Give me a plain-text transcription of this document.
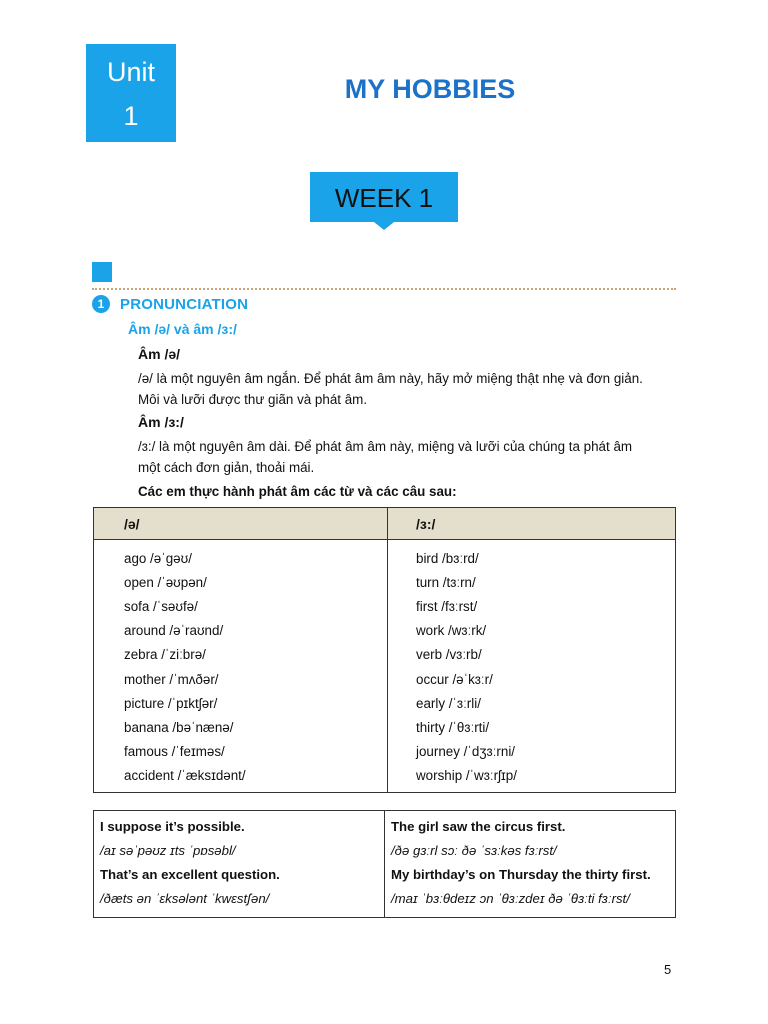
Unit
1
MY HOBBIES
WEEK 1
1	PRONUNCIATION
Âm /ə/ và âm /ɜ:/
Âm /ə/
/ə/ là một nguyên âm ngắn. Để phát âm âm này, hãy mở miệng thật nhẹ và đơn giản.
Môi và lưỡi được thư giãn và phát âm.
Âm /ɜ:/
/ɜ:/ là một nguyên âm dài. Để phát âm âm này, miệng và lưỡi của chúng ta phát âm
một cách đơn giản, thoải mái.
Các em thực hành phát âm các từ và các câu sau:
/ə/	/ɜ:/
ago /əˈɡəʊ/	bird /bɜːrd/
open /ˈəʊpən/	turn /tɜːrn/
sofa /ˈsəʊfə/	first /fɜːrst/
around /əˈraʊnd/	work /wɜːrk/
zebra /ˈziːbrə/	verb /vɜːrb/
mother /ˈmʌðər/	occur /əˈkɜːr/
picture /ˈpɪktʃər/	early /ˈɜːrli/
banana /bəˈnænə/	thirty /ˈθɜːrti/
famous /ˈfeɪməs/	journey /ˈdʒɜːrni/
accident /ˈæksɪdənt/	worship /ˈwɜːrʃɪp/
I suppose it’s possible.
/aɪ səˈpəʊz ɪts ˈpɒsəbl/
That’s an excellent question.
/ðæts ən ˈɛksələnt ˈkwɛstʃən/

The girl saw the circus first.
/ðə gɜːrl sɔː ðə ˈsɜːkəs fɜːrst/
My birthday’s on Thursday the thirty first.
/maɪ ˈbɜːθdeɪz ɔn ˈθɜːzdeɪ ðə ˈθɜːti fɜːrst/
5
